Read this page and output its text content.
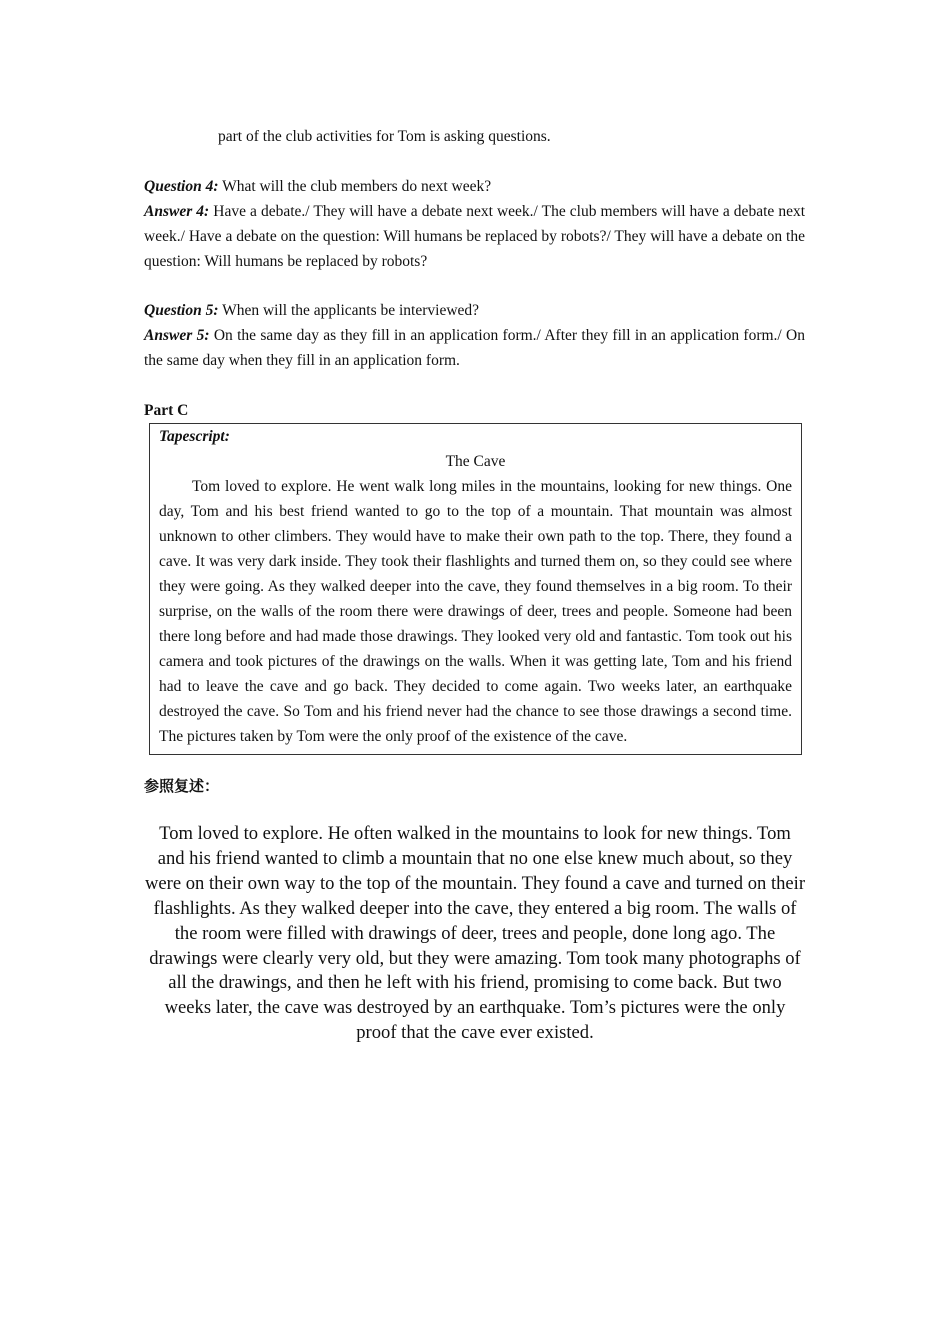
part of the club activities for Tom is asking questions.

Question 4: What will the club members do next week?

Answer 4: Have a debate./ They will have a debate next week./ The club members will have a debate next week./ Have a debate on the question: Will humans be replaced by robots?/ They will have a debate on the question: Will humans be replaced by robots?

Question 5: When will the applicants be interviewed?

Answer 5: On the same day as they fill in an application form./ After they fill in an application form./ On the same day when they fill in an application form.

Part C

Tapescript:

The Cave

Tom loved to explore. He went walk long miles in the mountains, looking for new things. One day, Tom and his best friend wanted to go to the top of a mountain. That mountain was almost unknown to other climbers. They would have to make their own path to the top. There, they found a cave. It was very dark inside. They took their flashlights and turned them on, so they could see where they were going. As they walked deeper into the cave, they found themselves in a big room. To their surprise, on the walls of the room there were drawings of deer, trees and people. Someone had been there long before and had made those drawings. They looked very old and fantastic. Tom took out his camera and took pictures of the drawings on the walls. When it was getting late, Tom and his friend had to leave the cave and go back. They decided to come again. Two weeks later, an earthquake destroyed the cave. So Tom and his friend never had the chance to see those drawings a second time. The pictures taken by Tom were the only proof of the existence of the cave.

参照复述：

Tom loved to explore. He often walked in the mountains to look for new things. Tom and his friend wanted to climb a mountain that no one else knew much about, so they were on their own way to the top of the mountain. They found a cave and turned on their flashlights. As they walked deeper into the cave, they entered a big room. The walls of the room were filled with drawings of deer, trees and people, done long ago. The drawings were clearly very old, but they were amazing. Tom took many photographs of all the drawings, and then he left with his friend, promising to come back. But two weeks later, the cave was destroyed by an earthquake. Tom’s pictures were the only proof that the cave ever existed.
